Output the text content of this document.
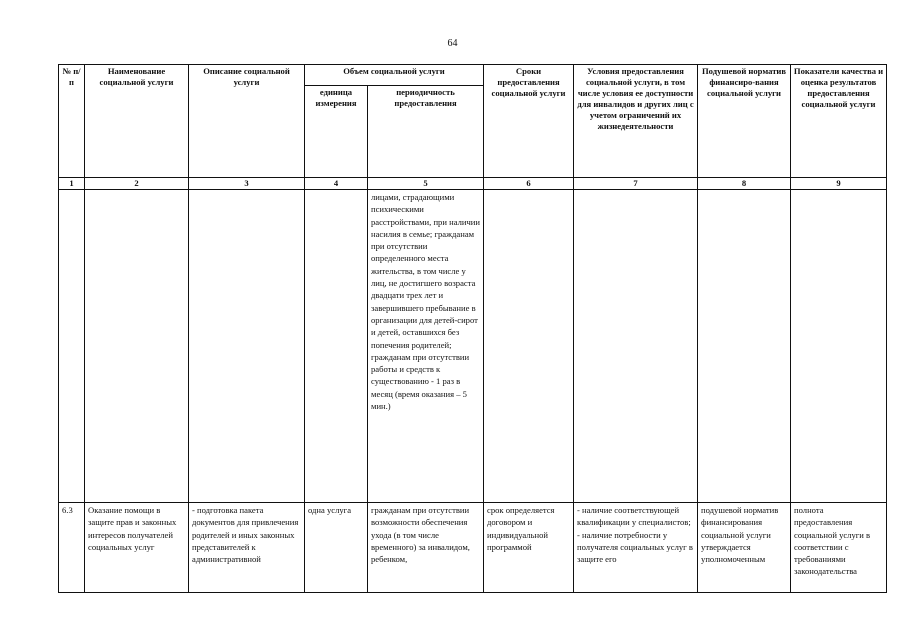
64
№ п/п	Наименование социальной услуги	Описание социальной услуги	Объем социальной услуги		Сроки предоставления социальной услуги	Условия предоставления социальной услуги, в том числе условия ее доступности для инвалидов и других лиц с учетом ограничений их жизнедеятельности	Подушевой норматив финансиро-вания социальной услуги	Показатели качества и оценка результатов предоставления социальной услуги
			единица измерения	периодичность предоставления				
1	2	3	4	5	6	7	8	9
				лицами, страдающими психическими расстройствами, при наличии насилия в семье; гражданам при отсутствии определенного места жительства, в том числе у лиц, не достигшего возраста двадцати трех лет и завершившего пребывание в организации для детей-сирот и детей, оставшихся без попечения родителей; гражданам при отсутствии работы и средств к существованию - 1 раз в месяц (время оказания – 5 мин.)				
6.3	Оказание помощи в защите прав и законных интересов получателей социальных услуг	- подготовка пакета документов для привлечения родителей и иных законных представителей к административной	одна услуга	гражданам при отсутствии возможности обеспечения ухода (в том числе временного) за инвалидом, ребенком,	срок определяется договором и индивидуальной программой	- наличие соответствующей квалификации у специалистов; - наличие потребности у получателя социальных услуг в защите его	подушевой норматив финансирования социальной услуги утверждается уполномоченным	полнота предоставления социальной услуги в соответствии с требованиями законодательства
